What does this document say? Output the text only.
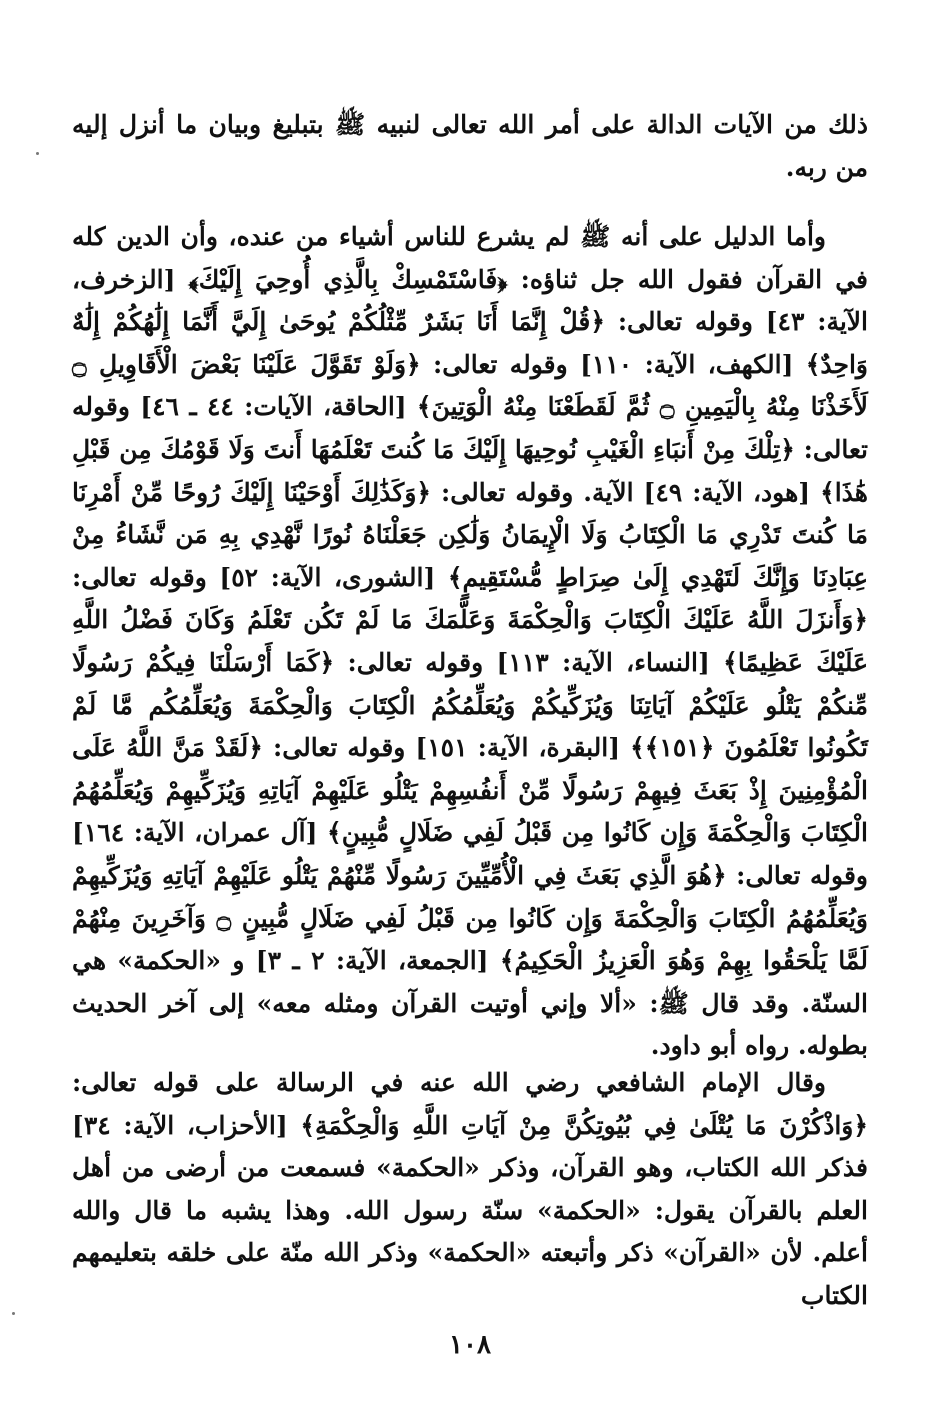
ذلك من الآيات الدالة على أمر الله تعالى لنبيه ﷺ بتبليغ وبيان ما أنزل إليه من ربه.

وأما الدليل على أنه ﷺ لم يشرع للناس أشياء من عنده، وأن الدين كله في القرآن فقول الله جل ثناؤه: ﴿فَاسْتَمْسِكْ بِالَّذِي أُوحِيَ إِلَيْكَ﴾ [الزخرف، الآية: ٤٣] وقوله تعالى: ﴿قُلْ إِنَّمَا أَنَا بَشَرٌ مِّثْلُكُمْ يُوحَىٰ إِلَيَّ أَنَّمَا إِلَٰهُكُمْ إِلَٰهٌ وَاحِدٌ﴾ [الكهف، الآية: ١١٠] وقوله تعالى: ﴿وَلَوْ تَقَوَّلَ عَلَيْنَا بَعْضَ الْأَقَاوِيلِ ۝ لَأَخَذْنَا مِنْهُ بِالْيَمِينِ ۝ ثُمَّ لَقَطَعْنَا مِنْهُ الْوَتِينَ﴾ [الحاقة، الآيات: ٤٤ ـ ٤٦] وقوله تعالى: ﴿تِلْكَ مِنْ أَنبَاءِ الْغَيْبِ نُوحِيهَا إِلَيْكَ مَا كُنتَ تَعْلَمُهَا أَنتَ وَلَا قَوْمُكَ مِن قَبْلِ هَٰذَا﴾ [هود، الآية: ٤٩] الآية. وقوله تعالى: ﴿وَكَذَٰلِكَ أَوْحَيْنَا إِلَيْكَ رُوحًا مِّنْ أَمْرِنَا مَا كُنتَ تَدْرِي مَا الْكِتَابُ وَلَا الْإِيمَانُ وَلَٰكِن جَعَلْنَاهُ نُورًا نَّهْدِي بِهِ مَن نَّشَاءُ مِنْ عِبَادِنَا وَإِنَّكَ لَتَهْدِي إِلَىٰ صِرَاطٍ مُّسْتَقِيمٍ﴾ [الشورى، الآية: ٥٢] وقوله تعالى: ﴿وَأَنزَلَ اللَّهُ عَلَيْكَ الْكِتَابَ وَالْحِكْمَةَ وَعَلَّمَكَ مَا لَمْ تَكُن تَعْلَمُ وَكَانَ فَضْلُ اللَّهِ عَلَيْكَ عَظِيمًا﴾ [النساء، الآية: ١١٣] وقوله تعالى: ﴿كَمَا أَرْسَلْنَا فِيكُمْ رَسُولًا مِّنكُمْ يَتْلُو عَلَيْكُمْ آيَاتِنَا وَيُزَكِّيكُمْ وَيُعَلِّمُكُمُ الْكِتَابَ وَالْحِكْمَةَ وَيُعَلِّمُكُم مَّا لَمْ تَكُونُوا تَعْلَمُونَ ﴿١٥١﴾﴾ [البقرة، الآية: ١٥١] وقوله تعالى: ﴿لَقَدْ مَنَّ اللَّهُ عَلَى الْمُؤْمِنِينَ إِذْ بَعَثَ فِيهِمْ رَسُولًا مِّنْ أَنفُسِهِمْ يَتْلُو عَلَيْهِمْ آيَاتِهِ وَيُزَكِّيهِمْ وَيُعَلِّمُهُمُ الْكِتَابَ وَالْحِكْمَةَ وَإِن كَانُوا مِن قَبْلُ لَفِي ضَلَالٍ مُّبِينٍ﴾ [آل عمران، الآية: ١٦٤] وقوله تعالى: ﴿هُوَ الَّذِي بَعَثَ فِي الْأُمِّيِّينَ رَسُولًا مِّنْهُمْ يَتْلُو عَلَيْهِمْ آيَاتِهِ وَيُزَكِّيهِمْ وَيُعَلِّمُهُمُ الْكِتَابَ وَالْحِكْمَةَ وَإِن كَانُوا مِن قَبْلُ لَفِي ضَلَالٍ مُّبِينٍ ۝ وَآخَرِينَ مِنْهُمْ لَمَّا يَلْحَقُوا بِهِمْ وَهُوَ الْعَزِيزُ الْحَكِيمُ﴾ [الجمعة، الآية: ٢ ـ ٣] و «الحكمة» هي السنّة. وقد قال ﷺ: «ألا وإني أوتيت القرآن ومثله معه» إلى آخر الحديث بطوله. رواه أبو داود.

وقال الإمام الشافعي رضي الله عنه في الرسالة على قوله تعالى: ﴿وَاذْكُرْنَ مَا يُتْلَىٰ فِي بُيُوتِكُنَّ مِنْ آيَاتِ اللَّهِ وَالْحِكْمَةِ﴾ [الأحزاب، الآية: ٣٤] فذكر الله الكتاب، وهو القرآن، وذكر «الحكمة» فسمعت من أرضى من أهل العلم بالقرآن يقول: «الحكمة» سنّة رسول الله. وهذا يشبه ما قال والله أعلم. لأن «القرآن» ذكر وأتبعته «الحكمة» وذكر الله منّة على خلقه بتعليمهم الكتاب

١٠٨
